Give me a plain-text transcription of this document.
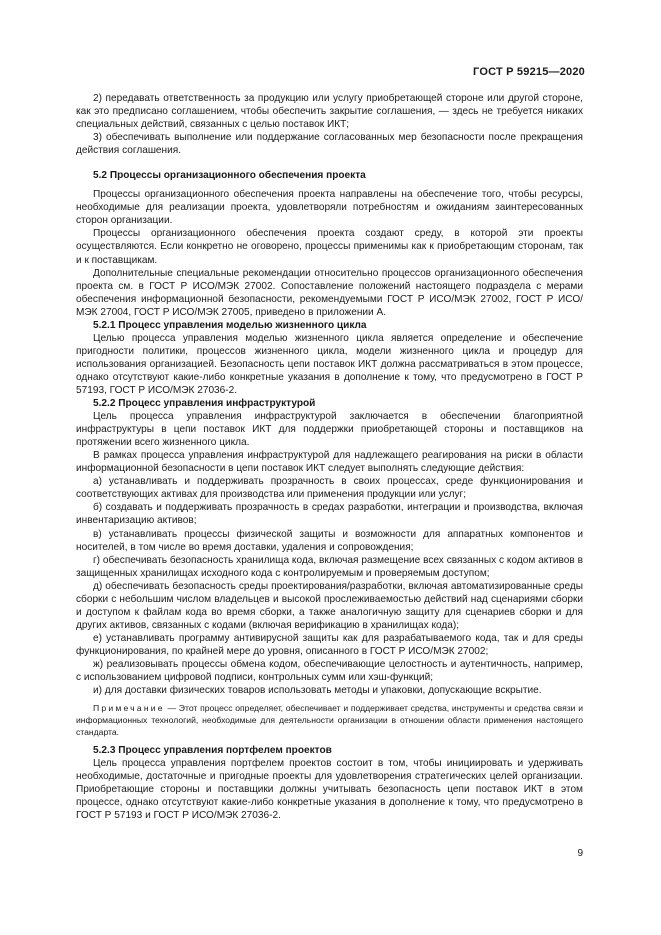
ГОСТ Р 59215—2020

2) передавать ответственность за продукцию или услугу приобретающей стороне или другой стороне, как это предписано соглашением, чтобы обеспечить закрытие соглашения, — здесь не требуется никаких специальных действий, связанных с целью поставок ИКТ;

3) обеспечивать выполнение или поддержание согласованных мер безопасности после прекращения действия соглашения.

5.2 Процессы организационного обеспечения проекта

Процессы организационного обеспечения проекта направлены на обеспечение того, чтобы ресурсы, необходимые для реализации проекта, удовлетворяли потребностям и ожиданиям заинтересованных сторон организации.

Процессы организационного обеспечения проекта создают среду, в которой эти проекты осуществляются. Если конкретно не оговорено, процессы применимы как к приобретающим сторонам, так и к поставщикам.

Дополнительные специальные рекомендации относительно процессов организационного обеспечения проекта см. в ГОСТ Р ИСО/МЭК 27002. Сопоставление положений настоящего подраздела с мерами обеспечения информационной безопасности, рекомендуемыми ГОСТ Р ИСО/МЭК 27002, ГОСТ Р ИСО/МЭК 27004, ГОСТ Р ИСО/МЭК 27005, приведено в приложении А.

5.2.1 Процесс управления моделью жизненного цикла

Целью процесса управления моделью жизненного цикла является определение и обеспечение пригодности политики, процессов жизненного цикла, модели жизненного цикла и процедур для использования организацией. Безопасность цепи поставок ИКТ должна рассматриваться в этом процессе, однако отсутствуют какие-либо конкретные указания в дополнение к тому, что предусмотрено в ГОСТ Р 57193, ГОСТ Р ИСО/МЭК 27036-2.

5.2.2 Процесс управления инфраструктурой

Цель процесса управления инфраструктурой заключается в обеспечении благоприятной инфраструктуры в цепи поставок ИКТ для поддержки приобретающей стороны и поставщиков на протяжении всего жизненного цикла.

В рамках процесса управления инфраструктурой для надлежащего реагирования на риски в области информационной безопасности в цепи поставок ИКТ следует выполнять следующие действия:

а) устанавливать и поддерживать прозрачность в своих процессах, среде функционирования и соответствующих активах для производства или применения продукции или услуг;

б) создавать и поддерживать прозрачность в средах разработки, интеграции и производства, включая инвентаризацию активов;

в) устанавливать процессы физической защиты и возможности для аппаратных компонентов и носителей, в том числе во время доставки, удаления и сопровождения;

г) обеспечивать безопасность хранилища кода, включая размещение всех связанных с кодом активов в защищенных хранилищах исходного кода с контролируемым и проверяемым доступом;

д) обеспечивать безопасность среды проектирования/разработки, включая автоматизированные среды сборки с небольшим числом владельцев и высокой прослеживаемостью действий над сценариями сборки и доступом к файлам кода во время сборки, а также аналогичную защиту для сценариев сборки и для других активов, связанных с кодами (включая верификацию в хранилищах кода);

е) устанавливать программу антивирусной защиты как для разрабатываемого кода, так и для среды функционирования, по крайней мере до уровня, описанного в ГОСТ Р ИСО/МЭК 27002;

ж) реализовывать процессы обмена кодом, обеспечивающие целостность и аутентичность, например, с использованием цифровой подписи, контрольных сумм или хэш-функций;

и) для доставки физических товаров использовать методы и упаковки, допускающие вскрытие.

Примечание — Этот процесс определяет, обеспечивает и поддерживает средства, инструменты и средства связи и информационных технологий, необходимые для деятельности организации в отношении области применения настоящего стандарта.

5.2.3 Процесс управления портфелем проектов

Цель процесса управления портфелем проектов состоит в том, чтобы инициировать и удерживать необходимые, достаточные и пригодные проекты для удовлетворения стратегических целей организации. Приобретающие стороны и поставщики должны учитывать безопасность цепи поставок ИКТ в этом процессе, однако отсутствуют какие-либо конкретные указания в дополнение к тому, что предусмотрено в ГОСТ Р 57193 и ГОСТ Р ИСО/МЭК 27036-2.

9
